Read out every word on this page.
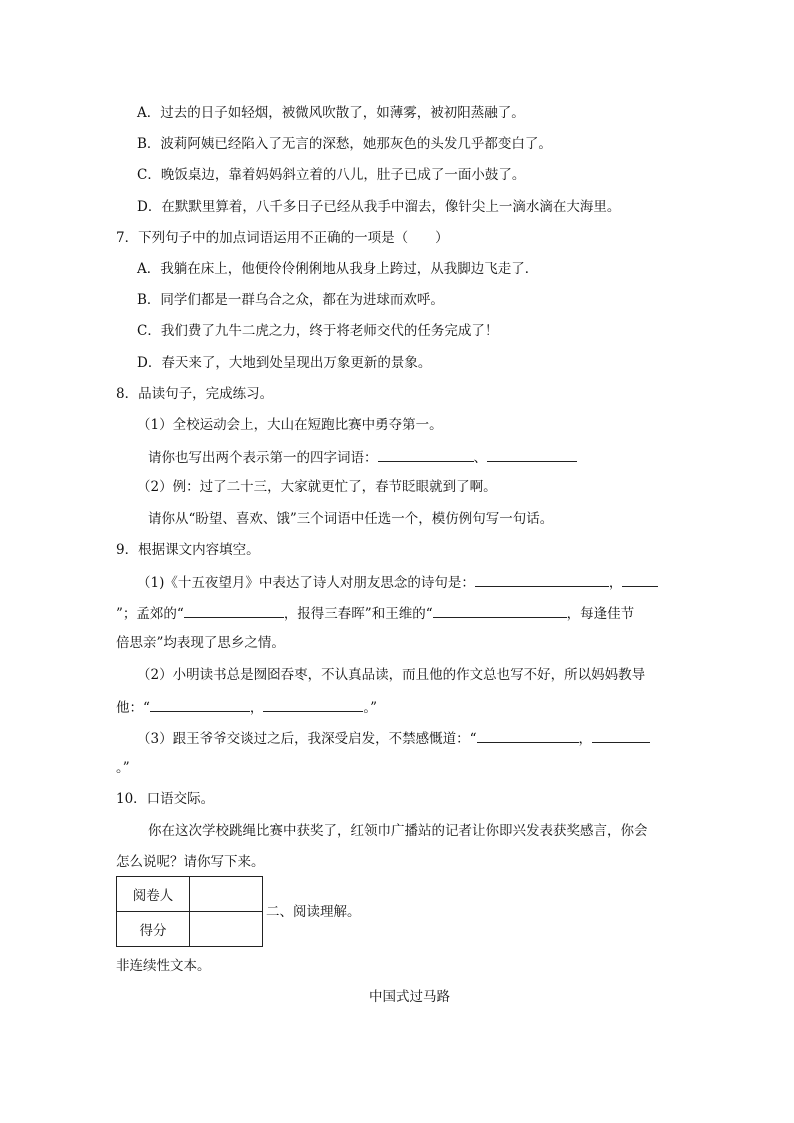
A．过去的日子如轻烟，被微风吹散了，如薄雾，被初阳蒸融了。
B．波莉阿姨已经陷入了无言的深愁，她那灰色的头发几乎都变白了。
C．晚饭桌边，靠着妈妈斜立着的八儿，肚子已成了一面小鼓了。
D．在默默里算着，八千多日子已经从我手中溜去，像针尖上一滴水滴在大海里。
7．下列句子中的加点词语运用不正确的一项是（　　）
A．我躺在床上，他便伶伶俐俐地从我身上跨过，从我脚边飞走了．
B．同学们都是一群乌合之众，都在为进球而欢呼。
C．我们费了九牛二虎之力，终于将老师交代的任务完成了！
D．春天来了，大地到处呈现出万象更新的景象。
8．品读句子，完成练习。
（1）全校运动会上，大山在短跑比赛中勇夺第一。
请你也写出两个表示第一的四字词语：	、
（2）例：过了二十三，大家就更忙了，春节眨眼就到了啊。
请你从“盼望、喜欢、饿”三个词语中任选一个，模仿例句写一句话。
9．根据课文内容填空。
（1)《十五夜望月》中表达了诗人对朋友思念的诗句是：	，
”；孟郊的“	，报得三春晖”和王维的“	，每逢佳节
倍思亲”均表现了思乡之情。
（2）小明读书总是囫囵吞枣，不认真品读，而且他的作文总也写不好，所以妈妈教导
他：“	，	。”
（3）跟王爷爷交谈过之后，我深受启发，不禁感慨道：“	，
。”
10．口语交际。
你在这次学校跳绳比赛中获奖了，红领巾广播站的记者让你即兴发表获奖感言，你会
怎么说呢？请你写下来。
阅卷人	
得分	
二、阅读理解。
非连续性文本。
中国式过马路
